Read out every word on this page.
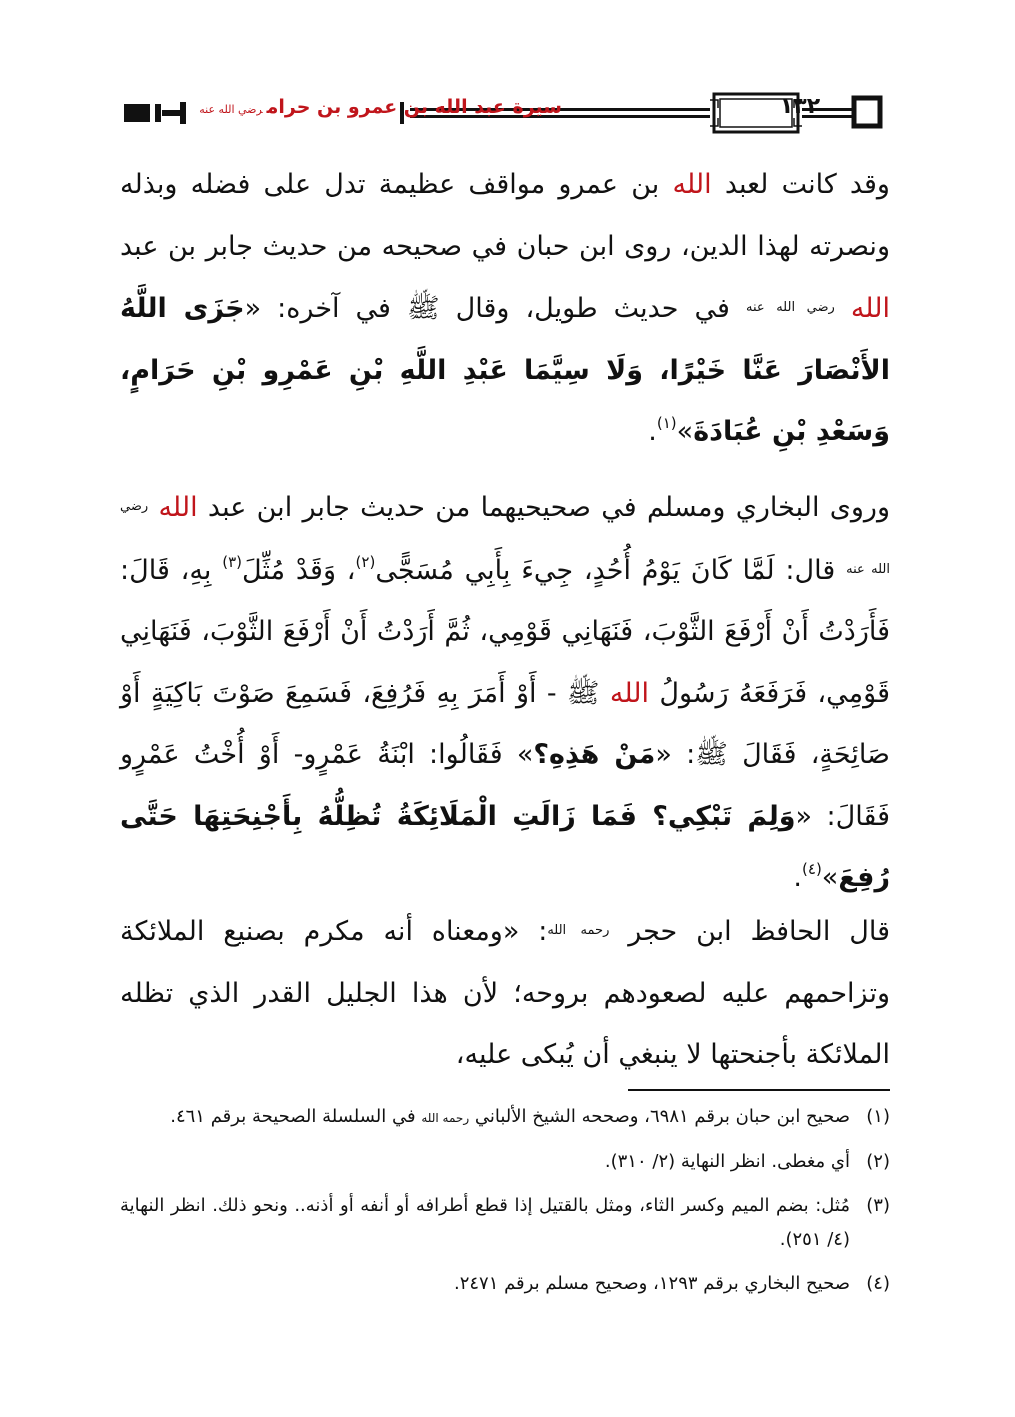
سيرة عبد الله بن عمرو بن حرامرضي الله عنه	١٣٢

وقد كانت لعبد الله بن عمرو مواقف عظيمة تدل على فضله وبذله ونصرته لهذا الدين، روى ابن حبان في صحيحه من حديث جابر بن عبد الله $^{رضي الله عنه}$ في حديث طويل، وقال ﷺ في آخره: «جَزَى اللَّهُ الأَنْصَارَ عَنَّا خَيْرًا، وَلَا سِيَّمَا عَبْدِ اللَّهِ بْنِ عَمْرِو بْنِ حَرَامٍ، وَسَعْدِ بْنِ عُبَادَةَ»$^{(١)}$.

وروى البخاري ومسلم في صحيحيهما من حديث جابر ابن عبد الله $^{رضي الله عنه}$ قال: لَمَّا كَانَ يَوْمُ أُحُدٍ، جِيءَ بِأَبِي مُسَجًّى$^{(٢)}$، وَقَدْ مُثِّلَ$^{(٣)}$ بِهِ، قَالَ: فَأَرَدْتُ أَنْ أَرْفَعَ الثَّوْبَ، فَنَهَانِي قَوْمِي، ثُمَّ أَرَدْتُ أَنْ أَرْفَعَ الثَّوْبَ، فَنَهَانِي قَوْمِي، فَرَفَعَهُ رَسُولُ الله ﷺ - أَوْ أَمَرَ بِهِ فَرُفِعَ، فَسَمِعَ صَوْتَ بَاكِيَةٍ أَوْ صَائِحَةٍ، فَقَالَ ﷺ: «مَنْ هَذِهِ؟» فَقَالُوا: ابْنَةُ عَمْرٍو- أَوْ أُخْتُ عَمْرٍو فَقَالَ: «وَلِمَ تَبْكِي؟ فَمَا زَالَتِ الْمَلَائِكَةُ تُظِلُّهُ بِأَجْنِحَتِهَا حَتَّى رُفِعَ»$^{(٤)}$.

قال الحافظ ابن حجر $^{رحمه الله}$: «ومعناه أنه مكرم بصنيع الملائكة وتزاحمهم عليه لصعودهم بروحه؛ لأن هذا الجليل القدر الذي تظله الملائكة بأجنحتها لا ينبغي أن يُبكى عليه،

(١)
صحيح ابن حبان برقم ٦٩٨١، وصححه الشيخ الألباني رحمه الله في السلسلة الصحيحة برقم ٤٦١.

(٢)
أي مغطى. انظر النهاية (٢/ ٣١٠).

(٣)
مُثل: بضم الميم وكسر الثاء، ومثل بالقتيل إذا قطع أطرافه أو أنفه أو أذنه.. ونحو ذلك. انظر النهاية (٤/ ٢٥١).

(٤)
صحيح البخاري برقم ١٢٩٣، وصحيح مسلم برقم ٢٤٧١.
